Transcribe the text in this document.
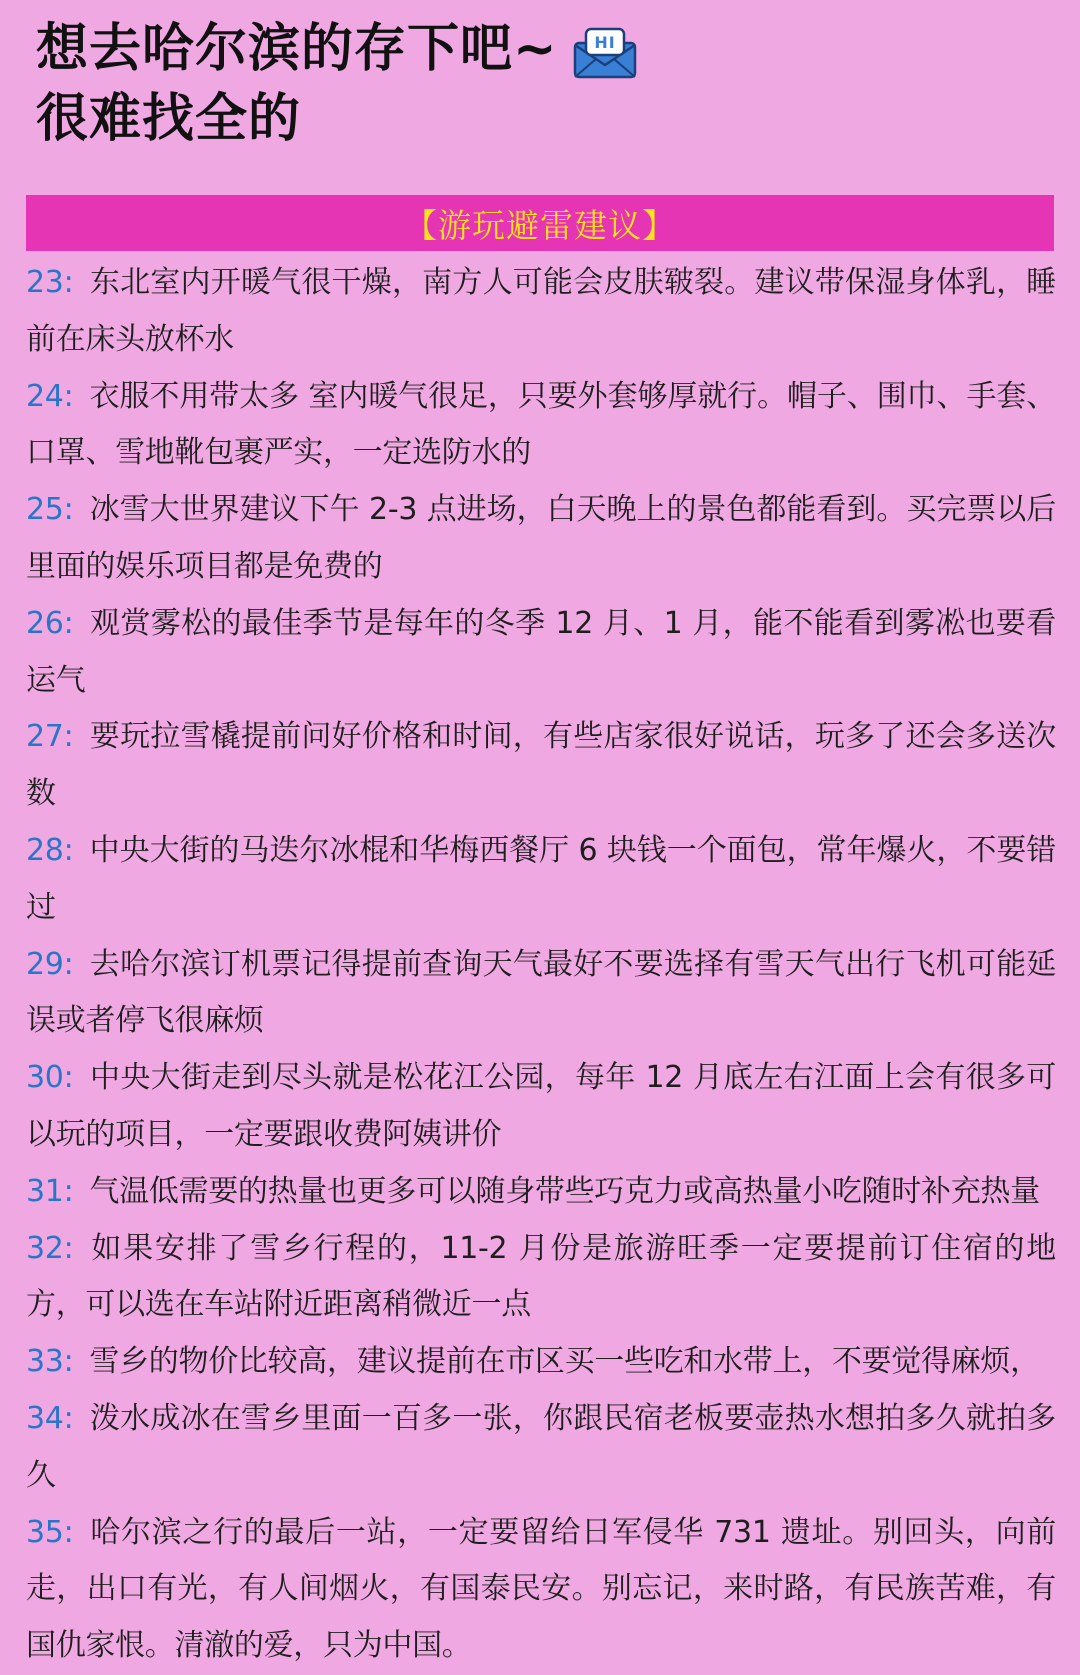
想去哈尔滨的存下吧~ HI
很难找全的
【游玩避雷建议】
23: 东北室内开暖气很干燥，南方人可能会皮肤皲裂。建议带保湿身体乳，睡前在床头放杯水
24: 衣服不用带太多 室内暖气很足，只要外套够厚就行。帽子、围巾、手套、口罩、雪地靴包裹严实，一定选防水的
25: 冰雪大世界建议下午 2-3 点进场，白天晚上的景色都能看到。买完票以后里面的娱乐项目都是免费的
26: 观赏雾松的最佳季节是每年的冬季 12 月、1 月，能不能看到雾凇也要看运气
27: 要玩拉雪橇提前问好价格和时间，有些店家很好说话，玩多了还会多送次数
28: 中央大街的马迭尔冰棍和华梅西餐厅 6 块钱一个面包，常年爆火，不要错过
29: 去哈尔滨订机票记得提前查询天气最好不要选择有雪天气出行飞机可能延误或者停飞很麻烦
30: 中央大街走到尽头就是松花江公园，每年 12 月底左右江面上会有很多可以玩的项目，一定要跟收费阿姨讲价
31: 气温低需要的热量也更多可以随身带些巧克力或高热量小吃随时补充热量
32: 如果安排了雪乡行程的，11-2 月份是旅游旺季一定要提前订住宿的地方，可以选在车站附近距离稍微近一点
33: 雪乡的物价比较高，建议提前在市区买一些吃和水带上，不要觉得麻烦，
34: 泼水成冰在雪乡里面一百多一张，你跟民宿老板要壶热水想拍多久就拍多久
35: 哈尔滨之行的最后一站，一定要留给日军侵华 731 遗址。别回头，向前走，出口有光，有人间烟火，有国泰民安。别忘记，来时路，有民族苦难，有国仇家恨。清澈的爱，只为中国。
